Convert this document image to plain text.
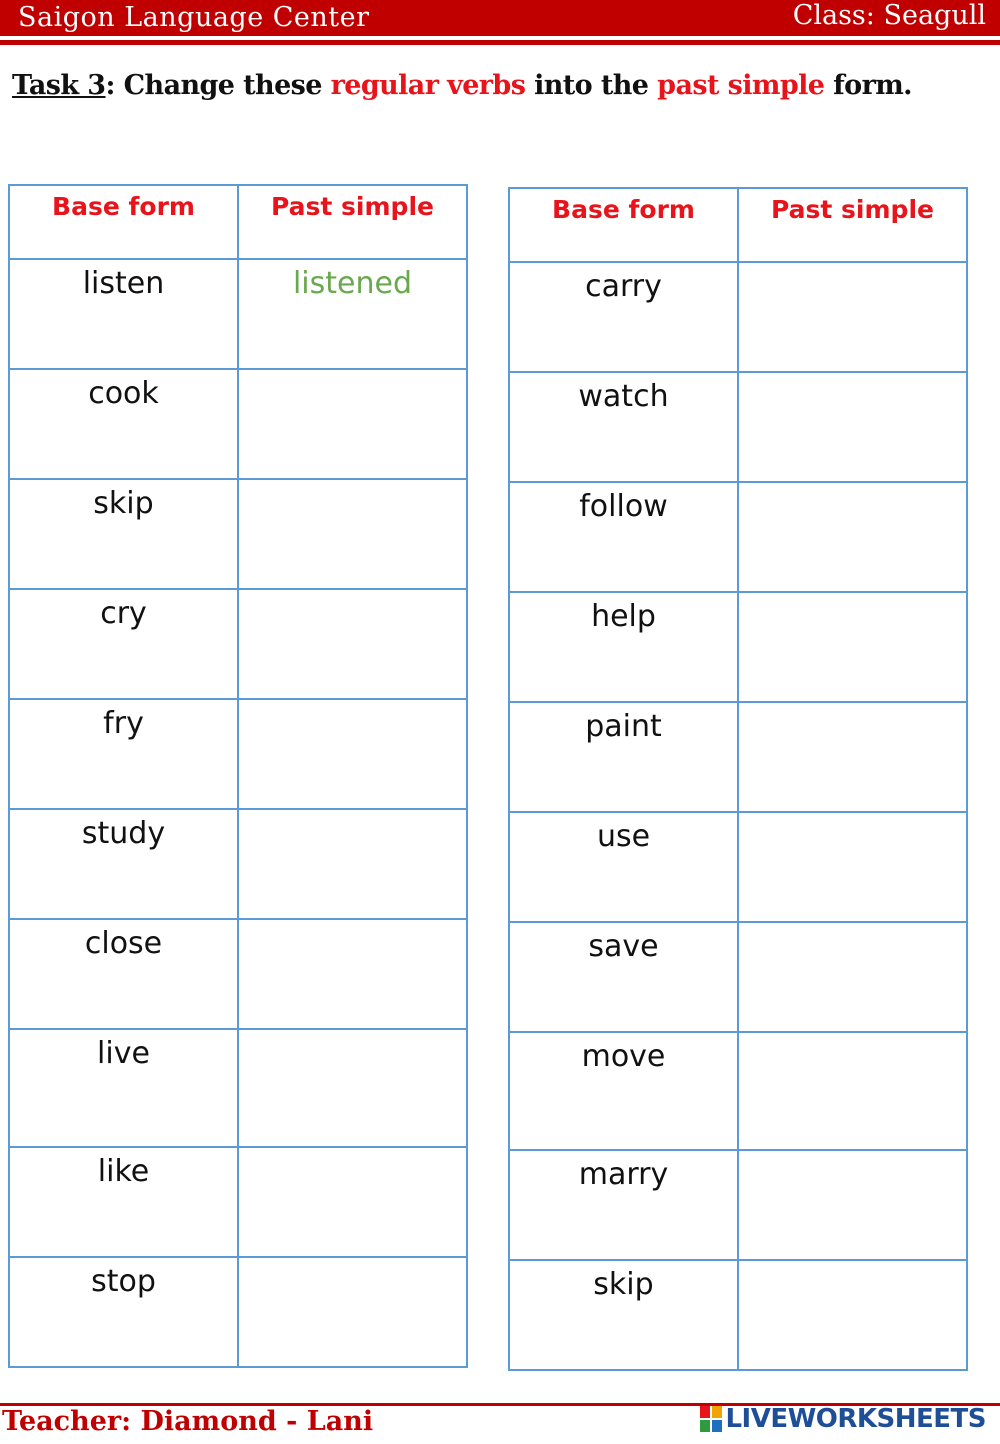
Saigon Language Center	Class: Seagull
Task 3: Change these regular verbs into the past simple form.
Base form	Past simple
listen	listened
cook	
skip	
cry	
fry	
study	
close	
live	
like	
stop	
Base form	Past simple
carry	
watch	
follow	
help	
paint	
use	
save	
move	
marry	
skip	
Teacher: Diamond - Lani	LIVEWORKSHEETS
